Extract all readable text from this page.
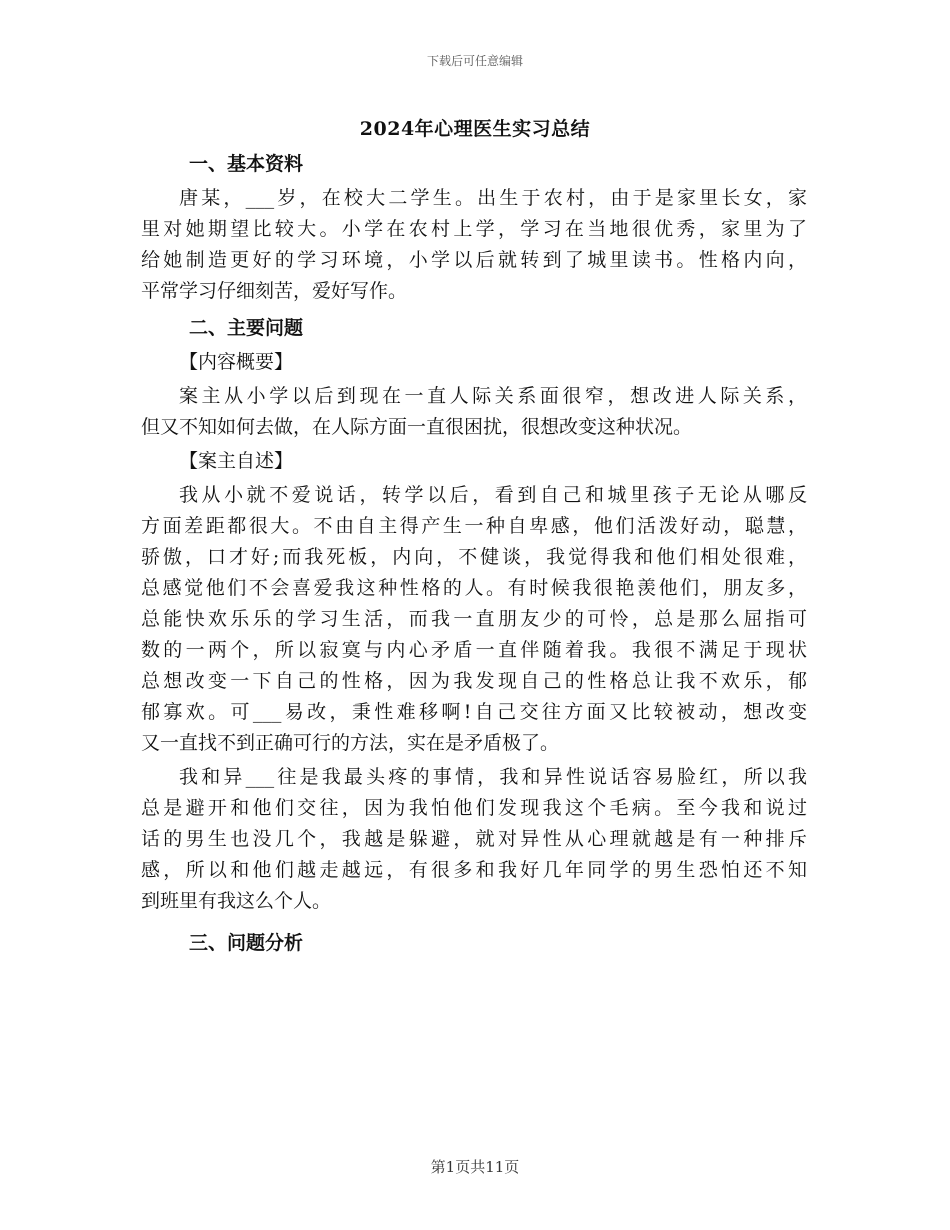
下载后可任意编辑
2024年心理医生实习总结
一、基本资料
唐某，___岁，在校大二学生。出生于农村，由于是家里长女，家
里对她期望比较大。小学在农村上学，学习在当地很优秀，家里为了
给她制造更好的学习环境，小学以后就转到了城里读书。性格内向，
平常学习仔细刻苦，爱好写作。
二、主要问题
【内容概要】
案主从小学以后到现在一直人际关系面很窄，想改进人际关系，
但又不知如何去做，在人际方面一直很困扰，很想改变这种状况。
【案主自述】
我从小就不爱说话，转学以后，看到自己和城里孩子无论从哪反
方面差距都很大。不由自主得产生一种自卑感，他们活泼好动，聪慧，
骄傲，口才好;而我死板，内向，不健谈，我觉得我和他们相处很难，
总感觉他们不会喜爱我这种性格的人。有时候我很艳羡他们，朋友多，
总能快欢乐乐的学习生活，而我一直朋友少的可怜，总是那么屈指可
数的一两个，所以寂寞与内心矛盾一直伴随着我。我很不满足于现状
总想改变一下自己的性格，因为我发现自己的性格总让我不欢乐，郁
郁寡欢。可___易改，秉性难移啊!自己交往方面又比较被动，想改变
又一直找不到正确可行的方法，实在是矛盾极了。
我和异___往是我最头疼的事情，我和异性说话容易脸红，所以我
总是避开和他们交往，因为我怕他们发现我这个毛病。至今我和说过
话的男生也没几个，我越是躲避，就对异性从心理就越是有一种排斥
感，所以和他们越走越远，有很多和我好几年同学的男生恐怕还不知
到班里有我这么个人。
三、问题分析
第1页共11页
